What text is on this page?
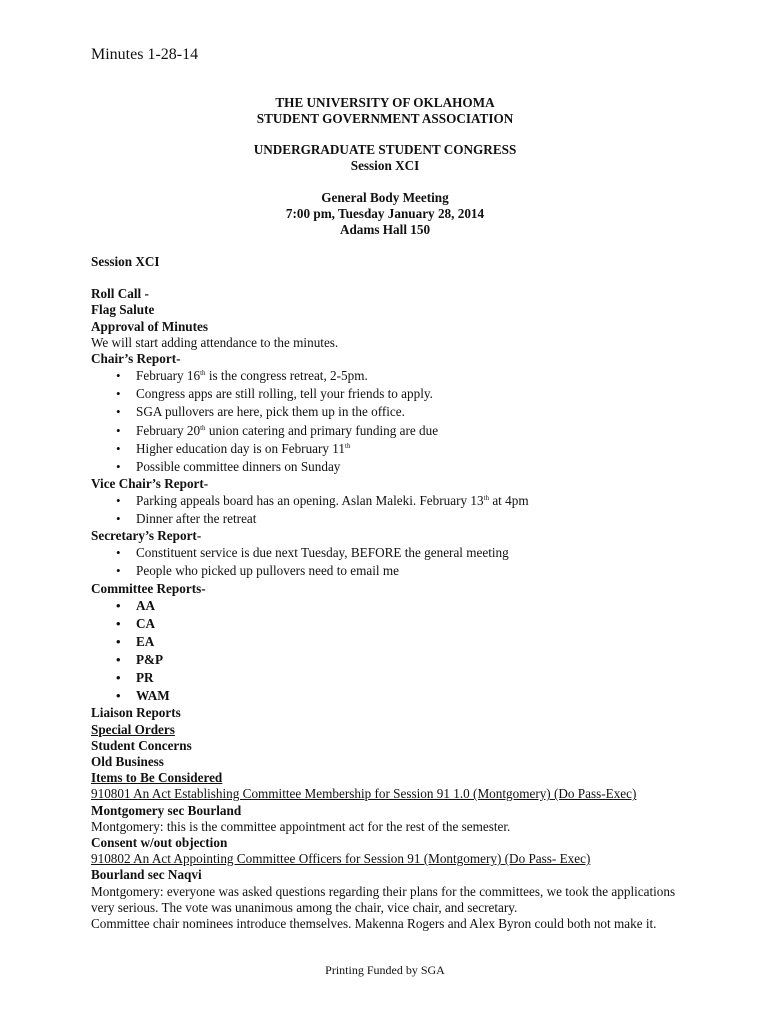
Minutes 1-28-14
THE UNIVERSITY OF OKLAHOMA
STUDENT GOVERNMENT ASSOCIATION
UNDERGRADUATE STUDENT CONGRESS
Session XCI
General Body Meeting
7:00 pm, Tuesday January 28, 2014
Adams Hall 150
Session XCI
Roll Call -
Flag Salute
Approval of Minutes
We will start adding attendance to the minutes.
Chair’s Report-
• February 16th is the congress retreat, 2-5pm.
• Congress apps are still rolling, tell your friends to apply.
• SGA pullovers are here, pick them up in the office.
• February 20th union catering and primary funding are due
• Higher education day is on February 11th
• Possible committee dinners on Sunday
Vice Chair’s Report-
• Parking appeals board has an opening. Aslan Maleki. February 13th at 4pm
• Dinner after the retreat
Secretary’s Report-
• Constituent service is due next Tuesday, BEFORE the general meeting
• People who picked up pullovers need to email me
Committee Reports-
• AA
• CA
• EA
• P&P
• PR
• WAM
Liaison Reports
Special Orders
Student Concerns
Old Business
Items to Be Considered
910801 An Act Establishing Committee Membership for Session 91 1.0 (Montgomery) (Do Pass-Exec)
Montgomery sec Bourland
Montgomery: this is the committee appointment act for the rest of the semester.
Consent w/out objection
910802 An Act Appointing Committee Officers for Session 91 (Montgomery) (Do Pass- Exec)
Bourland sec Naqvi
Montgomery: everyone was asked questions regarding their plans for the committees, we took the applications very serious. The vote was unanimous among the chair, vice chair, and secretary.
Committee chair nominees introduce themselves. Makenna Rogers and Alex Byron could both not make it.
Printing Funded by SGA
